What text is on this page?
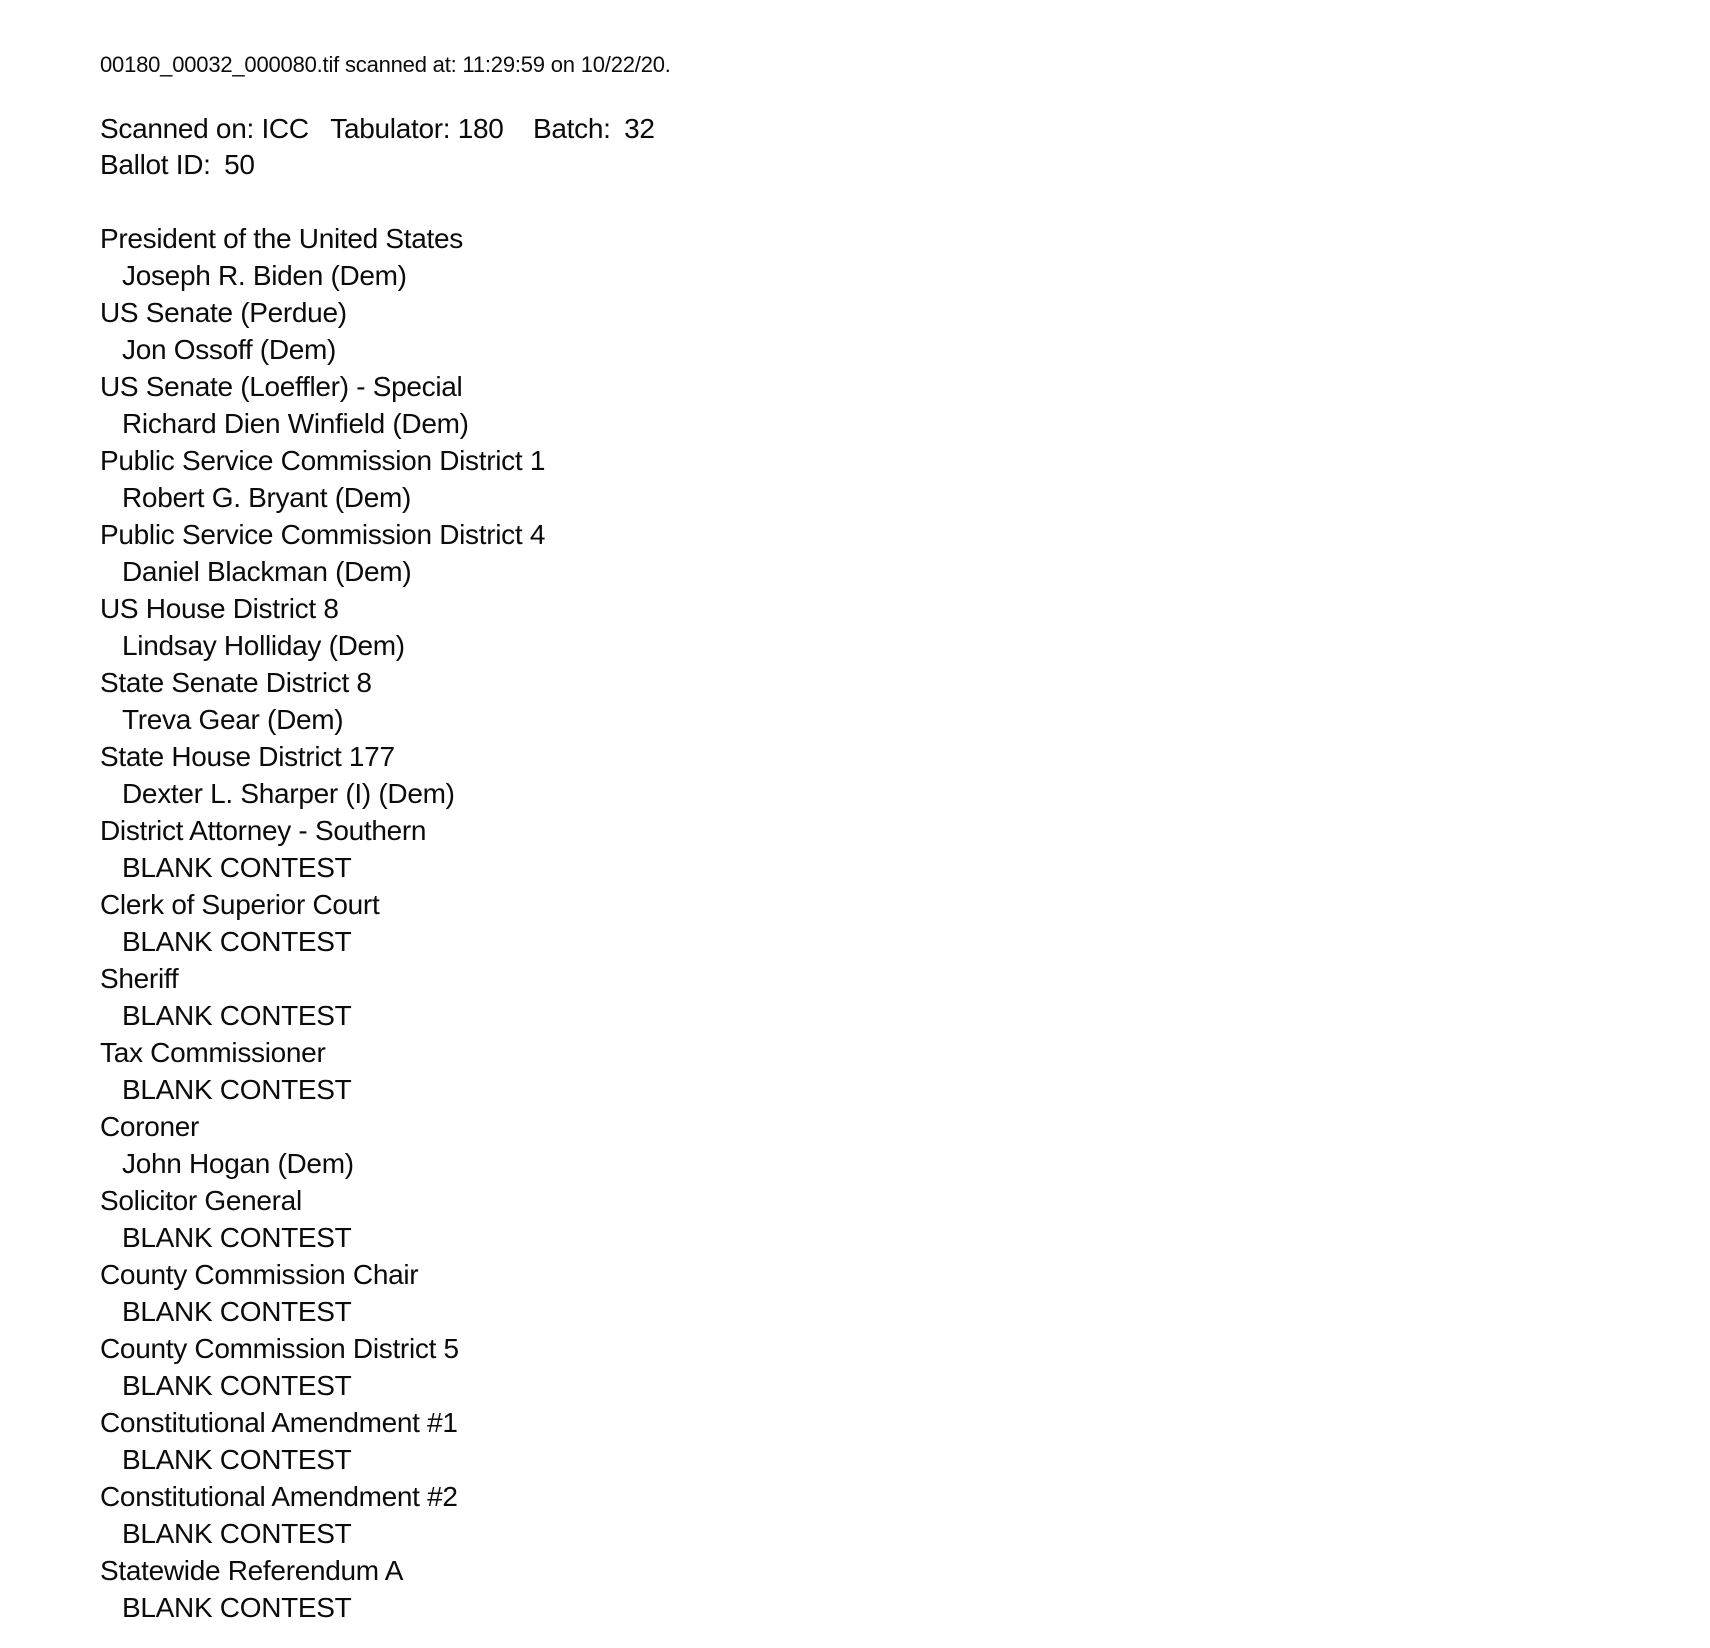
00180_00032_000080.tif scanned at: 11:29:59 on 10/22/20.
Scanned on: ICC Tabulator: 180 Batch: 32
Ballot ID: 50
President of the United States
Joseph R. Biden (Dem)
US Senate (Perdue)
Jon Ossoff (Dem)
US Senate (Loeffler) - Special
Richard Dien Winfield (Dem)
Public Service Commission District 1
Robert G. Bryant (Dem)
Public Service Commission District 4
Daniel Blackman (Dem)
US House District 8
Lindsay Holliday (Dem)
State Senate District 8
Treva Gear (Dem)
State House District 177
Dexter L. Sharper (I) (Dem)
District Attorney - Southern
BLANK CONTEST
Clerk of Superior Court
BLANK CONTEST
Sheriff
BLANK CONTEST
Tax Commissioner
BLANK CONTEST
Coroner
John Hogan (Dem)
Solicitor General
BLANK CONTEST
County Commission Chair
BLANK CONTEST
County Commission District 5
BLANK CONTEST
Constitutional Amendment #1
BLANK CONTEST
Constitutional Amendment #2
BLANK CONTEST
Statewide Referendum A
BLANK CONTEST
